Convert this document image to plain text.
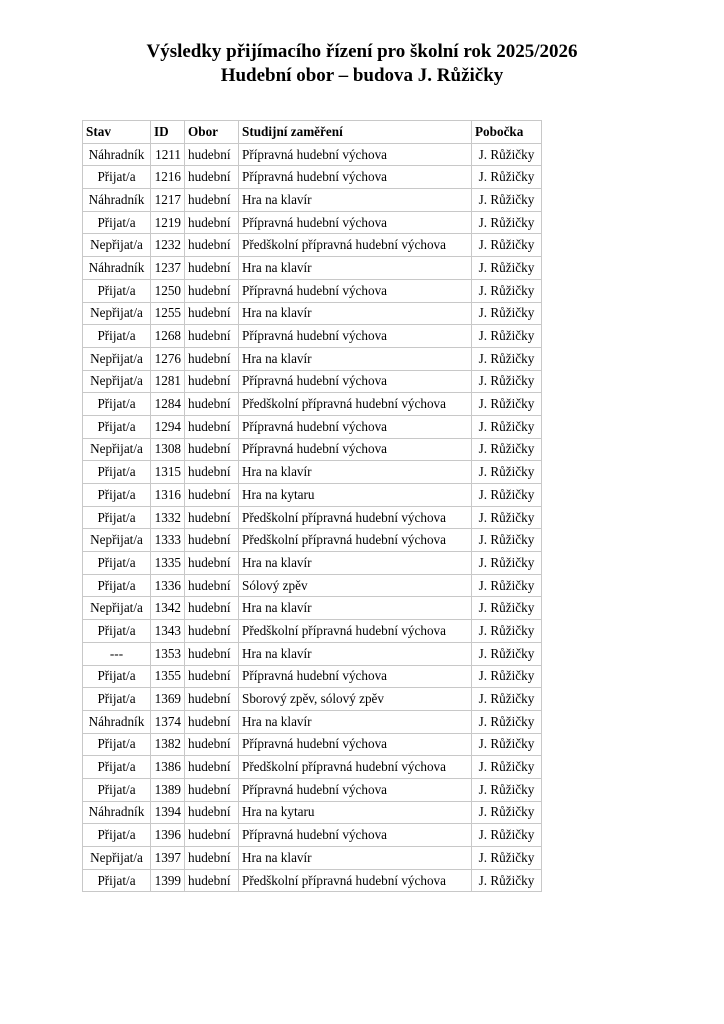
Výsledky přijímacího řízení pro školní rok 2025/2026
Hudební obor – budova J. Růžičky
Stav	ID	Obor	Studijní zaměření	Pobočka
Náhradník	1211	hudební	Přípravná hudební výchova	J. Růžičky
Přijat/a	1216	hudební	Přípravná hudební výchova	J. Růžičky
Náhradník	1217	hudební	Hra na klavír	J. Růžičky
Přijat/a	1219	hudební	Přípravná hudební výchova	J. Růžičky
Nepřijat/a	1232	hudební	Předškolní přípravná hudební výchova	J. Růžičky
Náhradník	1237	hudební	Hra na klavír	J. Růžičky
Přijat/a	1250	hudební	Přípravná hudební výchova	J. Růžičky
Nepřijat/a	1255	hudební	Hra na klavír	J. Růžičky
Přijat/a	1268	hudební	Přípravná hudební výchova	J. Růžičky
Nepřijat/a	1276	hudební	Hra na klavír	J. Růžičky
Nepřijat/a	1281	hudební	Přípravná hudební výchova	J. Růžičky
Přijat/a	1284	hudební	Předškolní přípravná hudební výchova	J. Růžičky
Přijat/a	1294	hudební	Přípravná hudební výchova	J. Růžičky
Nepřijat/a	1308	hudební	Přípravná hudební výchova	J. Růžičky
Přijat/a	1315	hudební	Hra na klavír	J. Růžičky
Přijat/a	1316	hudební	Hra na kytaru	J. Růžičky
Přijat/a	1332	hudební	Předškolní přípravná hudební výchova	J. Růžičky
Nepřijat/a	1333	hudební	Předškolní přípravná hudební výchova	J. Růžičky
Přijat/a	1335	hudební	Hra na klavír	J. Růžičky
Přijat/a	1336	hudební	Sólový zpěv	J. Růžičky
Nepřijat/a	1342	hudební	Hra na klavír	J. Růžičky
Přijat/a	1343	hudební	Předškolní přípravná hudební výchova	J. Růžičky
---	1353	hudební	Hra na klavír	J. Růžičky
Přijat/a	1355	hudební	Přípravná hudební výchova	J. Růžičky
Přijat/a	1369	hudební	Sborový zpěv, sólový zpěv	J. Růžičky
Náhradník	1374	hudební	Hra na klavír	J. Růžičky
Přijat/a	1382	hudební	Přípravná hudební výchova	J. Růžičky
Přijat/a	1386	hudební	Předškolní přípravná hudební výchova	J. Růžičky
Přijat/a	1389	hudební	Přípravná hudební výchova	J. Růžičky
Náhradník	1394	hudební	Hra na kytaru	J. Růžičky
Přijat/a	1396	hudební	Přípravná hudební výchova	J. Růžičky
Nepřijat/a	1397	hudební	Hra na klavír	J. Růžičky
Přijat/a	1399	hudební	Předškolní přípravná hudební výchova	J. Růžičky
